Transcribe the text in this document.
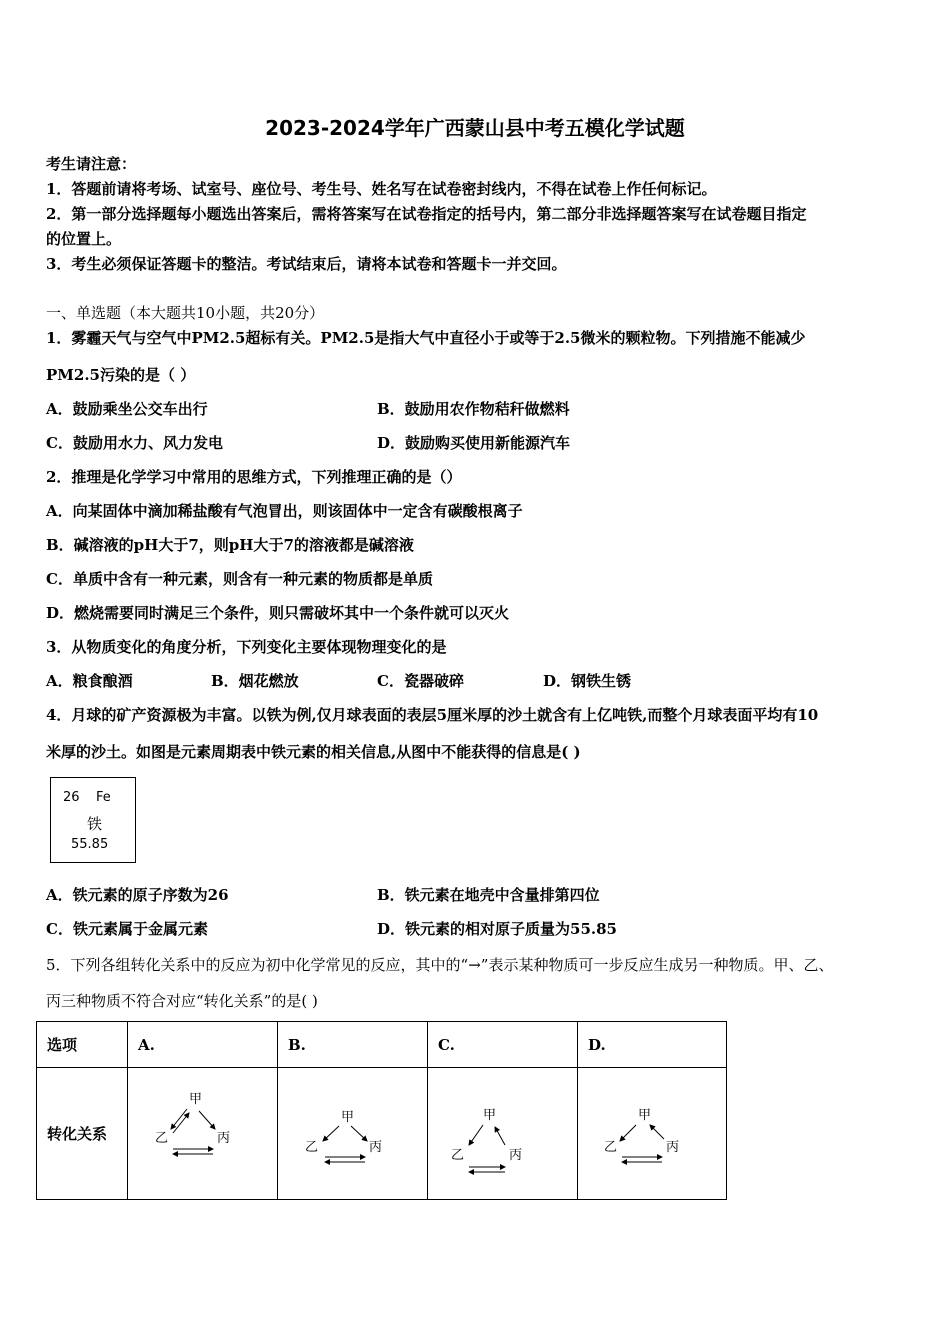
2023-2024学年广西蒙山县中考五模化学试题
考生请注意：
1．答题前请将考场、试室号、座位号、考生号、姓名写在试卷密封线内，不得在试卷上作任何标记。
2．第一部分选择题每小题选出答案后，需将答案写在试卷指定的括号内，第二部分非选择题答案写在试卷题目指定
的位置上。
3．考生必须保证答题卡的整洁。考试结束后，请将本试卷和答题卡一并交回。
一、单选题（本大题共10小题，共20分）
1．雾霾天气与空气中PM2.5超标有关。PM2.5是指大气中直径小于或等于2.5微米的颗粒物。下列措施不能减少
PM2.5污染的是（ ）
A．鼓励乘坐公交车出行	B．鼓励用农作物秸秆做燃料
C．鼓励用水力、风力发电	D．鼓励购买使用新能源汽车
2．推理是化学学习中常用的思维方式，下列推理正确的是（）
A．向某固体中滴加稀盐酸有气泡冒出，则该固体中一定含有碳酸根离子
B．碱溶液的pH大于7，则pH大于7的溶液都是碱溶液
C．单质中含有一种元素，则含有一种元素的物质都是单质
D．燃烧需要同时满足三个条件，则只需破坏其中一个条件就可以灭火
3．从物质变化的角度分析，下列变化主要体现物理变化的是
A．粮食酿酒	B．烟花燃放	C．瓷器破碎	D．钢铁生锈
4．月球的矿产资源极为丰富。以铁为例,仅月球表面的表层5厘米厚的沙土就含有上亿吨铁,而整个月球表面平均有10
米厚的沙土。如图是元素周期表中铁元素的相关信息,从图中不能获得的信息是( )
26 Fe
铁
55.85
A．铁元素的原子序数为26	B．铁元素在地壳中含量排第四位
C．铁元素属于金属元素	D．铁元素的相对原子质量为55.85
5．下列各组转化关系中的反应为初中化学常见的反应，其中的“→”表示某种物质可一步反应生成另一种物质。甲、乙、
丙三种物质不符合对应“转化关系”的是( )
选项	A.	B.	C.	D.
转化关系	甲
乙 丙	甲
乙 丙	甲
乙 丙	甲
乙 丙
